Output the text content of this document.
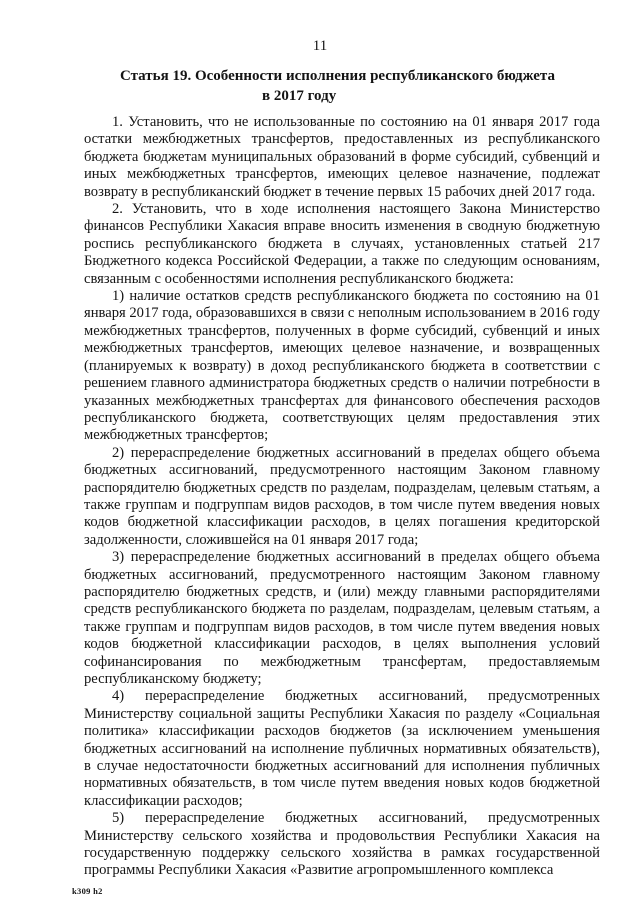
11
Статья 19. Особенности исполнения республиканского бюджета
в 2017 году

1. Установить, что не использованные по состоянию на 01 января 2017 года остатки межбюджетных трансфертов, предоставленных из республиканского бюджета бюджетам муниципальных образований в форме субсидий, субвенций и иных межбюджетных трансфертов, имеющих целевое назначение, подлежат возврату в республиканский бюджет в течение первых 15 рабочих дней 2017 года.

2. Установить, что в ходе исполнения настоящего Закона Министерство финансов Республики Хакасия вправе вносить изменения в сводную бюджетную роспись республиканского бюджета в случаях, установленных статьей 217 Бюджетного кодекса Российской Федерации, а также по следующим основаниям, связанным с особенностями исполнения республиканского бюджета:

1) наличие остатков средств республиканского бюджета по состоянию на 01 января 2017 года, образовавшихся в связи с неполным использованием в 2016 году межбюджетных трансфертов, полученных в форме субсидий, субвенций и иных межбюджетных трансфертов, имеющих целевое назначение, и возвращенных (планируемых к возврату) в доход республиканского бюджета в соответствии с решением главного администратора бюджетных средств о наличии потребности в указанных межбюджетных трансфертах для финансового обеспечения расходов республиканского бюджета, соответствующих целям предоставления этих межбюджетных трансфертов;

2) перераспределение бюджетных ассигнований в пределах общего объема бюджетных ассигнований, предусмотренного настоящим Законом главному распорядителю бюджетных средств по разделам, подразделам, целевым статьям, а также группам и подгруппам видов расходов, в том числе путем введения новых кодов бюджетной классификации расходов, в целях погашения кредиторской задолженности, сложившейся на 01 января 2017 года;

3) перераспределение бюджетных ассигнований в пределах общего объема бюджетных ассигнований, предусмотренного настоящим Законом главному распорядителю бюджетных средств, и (или) между главными распорядителями средств республиканского бюджета по разделам, подразделам, целевым статьям, а также группам и подгруппам видов расходов, в том числе путем введения новых кодов бюджетной классификации расходов, в целях выполнения условий софинансирования по межбюджетным трансфертам, предоставляемым республиканскому бюджету;

4) перераспределение бюджетных ассигнований, предусмотренных Министерству социальной защиты Республики Хакасия по разделу «Социальная политика» классификации расходов бюджетов (за исключением уменьшения бюджетных ассигнований на исполнение публичных нормативных обязательств), в случае недостаточности бюджетных ассигнований для исполнения публичных нормативных обязательств, в том числе путем введения новых кодов бюджетной классификации расходов;

5) перераспределение бюджетных ассигнований, предусмотренных Министерству сельского хозяйства и продовольствия Республики Хакасия на государственную поддержку сельского хозяйства в рамках государственной программы Республики Хакасия «Развитие агропромышленного комплекса

k309 h2
